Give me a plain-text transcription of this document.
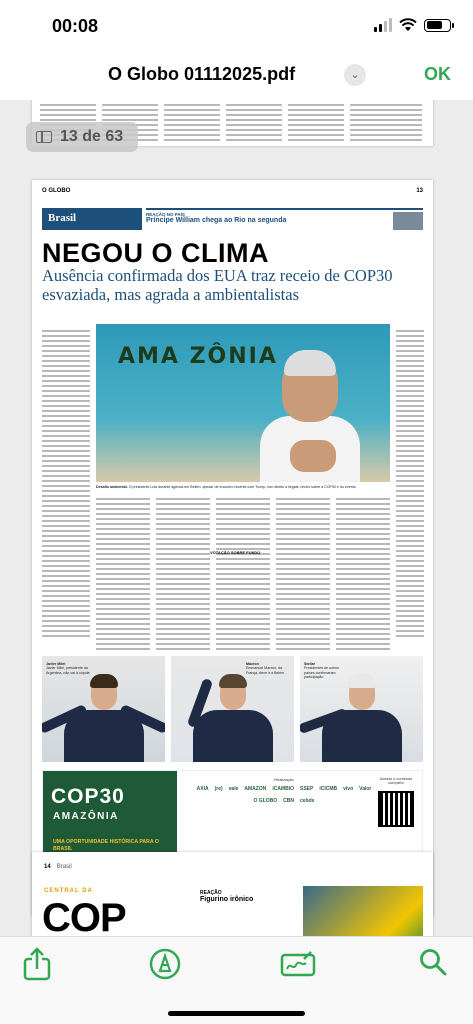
00:08
O Globo 01112025.pdf	⌄	OK
13 de 63
O GLOBO	13
Brasil	REAÇÃO NO PAÍS
Príncipe William chega ao Rio na segunda
NEGOU O CLIMA
Ausência confirmada dos EUA traz receio de COP30 esvaziada, mas agrada a ambientalistas
AMA ZÔNIA
Desafio ambiental. O presidente Lula durante agenda em Belém: apesar de encontro recente com Trump, tom direito a ilegais, receio sobre a COP30 e do evento
VOTAÇÃO SOBRE FUNDO
Javier Milei
Javier Milei, presidente da Argentina, não vai à cúpula
Macron
Emmanuel Macron, da França, deve ir a Belém
Stellar
Presidentes de outros países confirmaram participação
COP30
AMAZÔNIA
UMA OPORTUNIDADE HISTÓRICA PARA O BRASIL
Realização
AXIA (re) vale AMAZON iCAMBIO SSEP iCICMB vivo Valor
O GLOBO CBN cebds
Acesse o conteúdo completo
14 Brasil
CENTRAL DA
COP
REAÇÃO
Figurino irônico
